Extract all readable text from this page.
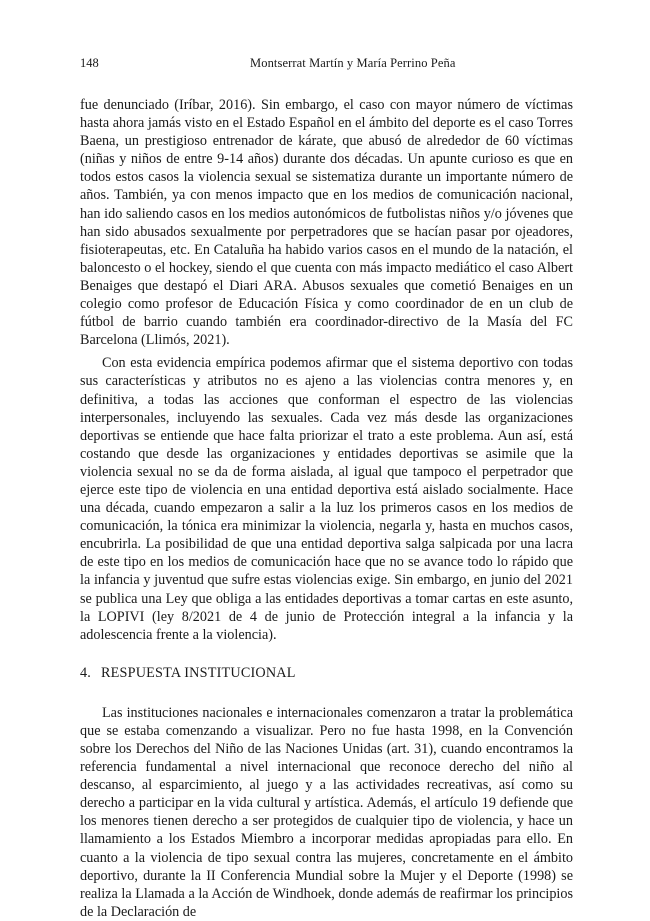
148	Montserrat Martín y María Perrino Peña

fue denunciado (Iríbar, 2016). Sin embargo, el caso con mayor número de víctimas hasta ahora jamás visto en el Estado Español en el ámbito del deporte es el caso Torres Baena, un prestigioso entrenador de kárate, que abusó de alrededor de 60 víctimas (niñas y niños de entre 9-14 años) durante dos décadas. Un apunte curioso es que en todos estos casos la violencia sexual se sistematiza durante un importante número de años. También, ya con menos impacto que en los medios de comunicación nacional, han ido saliendo casos en los medios autonómicos de futbolistas niños y/o jóvenes que han sido abusados sexualmente por perpetradores que se hacían pasar por ojeadores, fisioterapeutas, etc. En Cataluña ha habido varios casos en el mundo de la natación, el baloncesto o el hockey, siendo el que cuenta con más impacto mediático el caso Albert Benaiges que destapó el Diari ARA. Abusos sexuales que cometió Benaiges en un colegio como profesor de Educación Física y como coordinador de en un club de fútbol de barrio cuando también era coordinador-directivo de la Masía del FC Barcelona (Llimós, 2021).

Con esta evidencia empírica podemos afirmar que el sistema deportivo con todas sus características y atributos no es ajeno a las violencias contra menores y, en definitiva, a todas las acciones que conforman el espectro de las violencias interpersonales, incluyendo las sexuales. Cada vez más desde las organizaciones deportivas se entiende que hace falta priorizar el trato a este problema. Aun así, está costando que desde las organizaciones y entidades deportivas se asimile que la violencia sexual no se da de forma aislada, al igual que tampoco el perpetrador que ejerce este tipo de violencia en una entidad deportiva está aislado socialmente. Hace una década, cuando empezaron a salir a la luz los primeros casos en los medios de comunicación, la tónica era minimizar la violencia, negarla y, hasta en muchos casos, encubrirla. La posibilidad de que una entidad deportiva salga salpicada por una lacra de este tipo en los medios de comunicación hace que no se avance todo lo rápido que la infancia y juventud que sufre estas violencias exige. Sin embargo, en junio del 2021 se publica una Ley que obliga a las entidades deportivas a tomar cartas en este asunto, la LOPIVI (ley 8/2021 de 4 de junio de Protección integral a la infancia y la adolescencia frente a la violencia).

4. RESPUESTA INSTITUCIONAL

Las instituciones nacionales e internacionales comenzaron a tratar la problemática que se estaba comenzando a visualizar. Pero no fue hasta 1998, en la Convención sobre los Derechos del Niño de las Naciones Unidas (art. 31), cuando encontramos la referencia fundamental a nivel internacional que reconoce derecho del niño al descanso, al esparcimiento, al juego y a las actividades recreativas, así como su derecho a participar en la vida cultural y artística. Además, el artículo 19 defiende que los menores tienen derecho a ser protegidos de cualquier tipo de violencia, y hace un llamamiento a los Estados Miembro a incorporar medidas apropiadas para ello. En cuanto a la violencia de tipo sexual contra las mujeres, concretamente en el ámbito deportivo, durante la II Conferencia Mundial sobre la Mujer y el Deporte (1998) se realiza la Llamada a la Acción de Windhoek, donde además de reafirmar los principios de la Declaración de
